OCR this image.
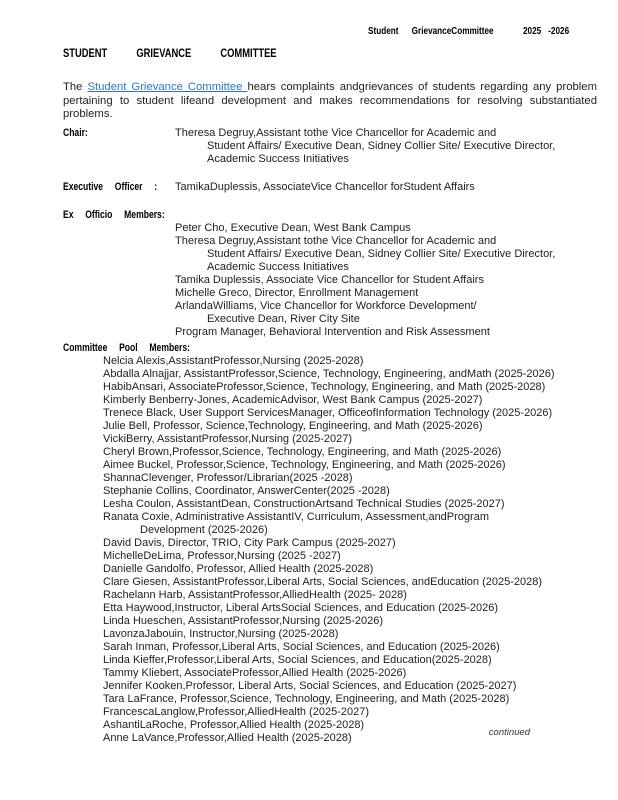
Student GrievanceCommittee	2025 -2026
STUDENT GRIEVANCE COMMITTEE

The Student Grievance Committee hears complaints andgrievances of students regarding any problem pertaining to student lifeand development and makes recommendations for resolving substantiated problems.

Chair:	Theresa Degruy,Assistant tothe Vice Chancellor for Academic and
Student Affairs/ Executive Dean, Sidney Collier Site/ Executive Director,
Academic Success Initiatives
Executive Officer : TamikaDuplessis, AssociateVice Chancellor forStudent Affairs
Ex Officio Members:
Peter Cho, Executive Dean, West Bank Campus
Theresa Degruy,Assistant tothe Vice Chancellor for Academic and
Student Affairs/ Executive Dean, Sidney Collier Site/ Executive Director,
Academic Success Initiatives
Tamika Duplessis, Associate Vice Chancellor for Student Affairs
Michelle Greco, Director, Enrollment Management
ArlandaWilliams, Vice Chancellor for Workforce Development/
Executive Dean, River City Site
Program Manager, Behavioral Intervention and Risk Assessment
Committee Pool Members:
Nelcia Alexis,AssistantProfessor,Nursing (2025-2028)
Abdalla Alnajjar, AssistantProfessor,Science, Technology, Engineering, andMath (2025-2026)
HabibAnsari, AssociateProfessor,Science, Technology, Engineering, and Math (2025-2028)
Kimberly Benberry-Jones, AcademicAdvisor, West Bank Campus (2025-2027)
Trenece Black, User Support ServicesManager, OfficeofInformation Technology (2025-2026)
Julie Bell, Professor, Science,Technology, Engineering, and Math (2025-2026)
VickiBerry, AssistantProfessor,Nursing (2025-2027)
Cheryl Brown,Professor,Science, Technology, Engineering, and Math (2025-2026)
Aimee Buckel, Professor,Science, Technology, Engineering, and Math (2025-2026)
ShannaClevenger, Professor/Librarian(2025 -2028)
Stephanie Collins, Coordinator, AnswerCenter(2025 -2028)
Lesha Coulon, AssistantDean, ConstructionArtsand Technical Studies (2025-2027)
Ranata Coxie, Administrative AssistantIV, Curriculum, Assessment,andProgram
Development (2025-2026)
David Davis, Director, TRIO, City Park Campus (2025-2027)
MichelleDeLima, Professor,Nursing (2025 -2027)
Danielle Gandolfo, Professor, Allied Health (2025-2028)
Clare Giesen, AssistantProfessor,Liberal Arts, Social Sciences, andEducation (2025-2028)
Rachelann Harb, AssistantProfessor,AlliedHealth (2025- 2028)
Etta Haywood,Instructor, Liberal ArtsSocial Sciences, and Education (2025-2026)
Linda Hueschen, AssistantProfessor,Nursing (2025-2026)
LavonzaJabouin, Instructor,Nursing (2025-2028)
Sarah Inman, Professor,Liberal Arts, Social Sciences, and Education (2025-2026)
Linda Kieffer,Professor,Liberal Arts, Social Sciences, and Education(2025-2028)
Tammy Kliebert, AssociateProfessor,Allied Health (2025-2026)
Jennifer Kooken,Professor, Liberal Arts, Social Sciences, and Education (2025-2027)
Tara LaFrance, Professor,Science, Technology, Engineering, and Math (2025-2028)
FrancescaLanglow,Professor,AlliedHealth (2025-2027)
AshantiLaRoche, Professor,Allied Health (2025-2028)
Anne LaVance,Professor,Allied Health (2025-2028)	continued
